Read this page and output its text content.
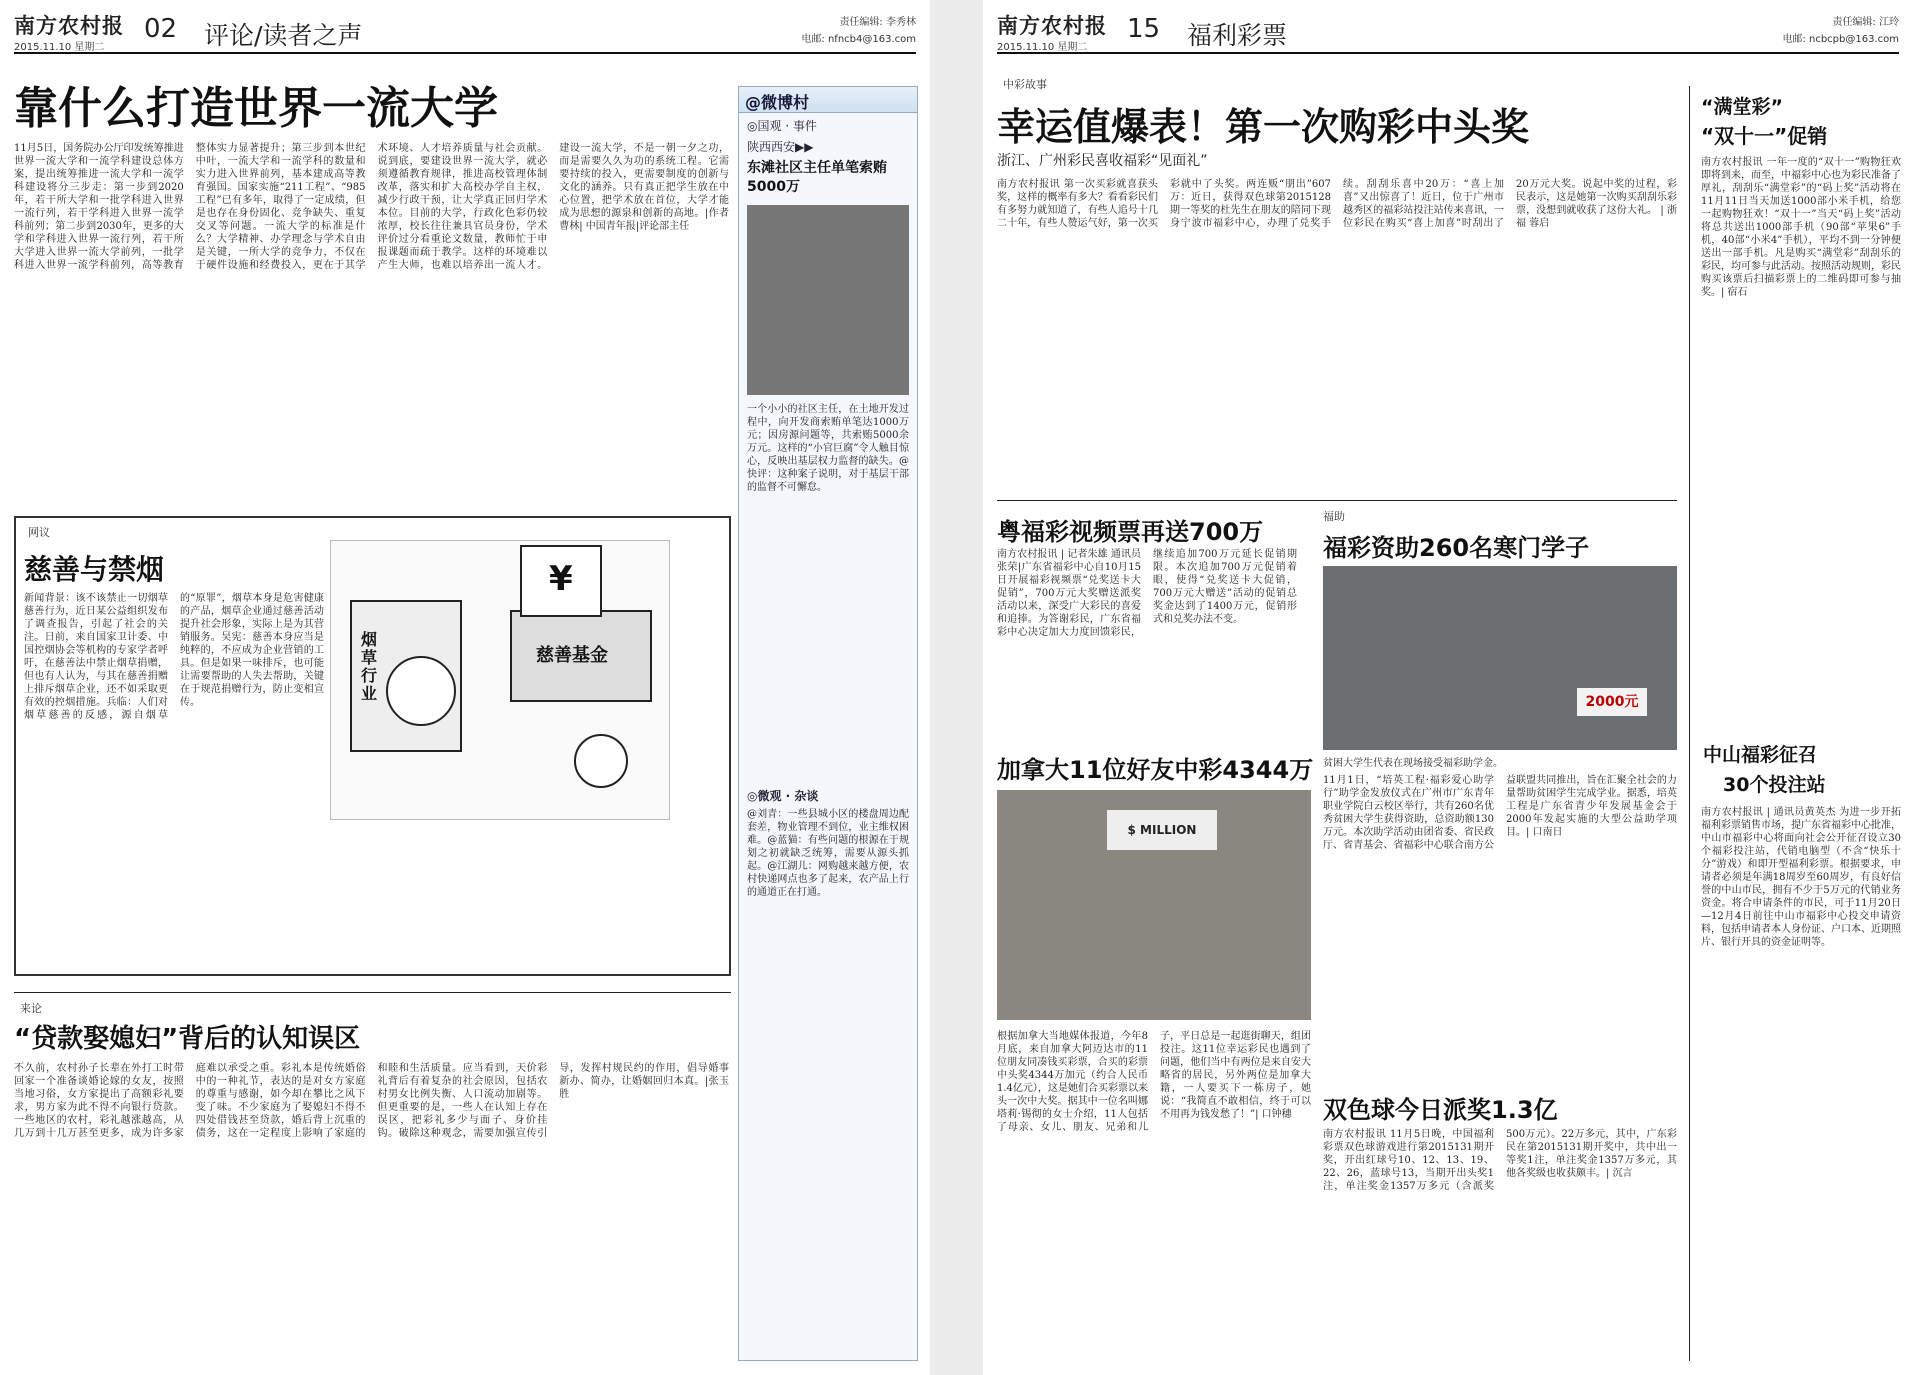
南方农村报
2015.11.10 星期二
02 评论/读者之声	责任编辑: 李秀林
电邮: nfncb4@163.com
靠什么打造世界一流大学
11月5日，国务院办公厅印发统筹推进世界一流大学和一流学科建设总体方案，提出统筹推进一流大学和一流学科建设将分三步走：第一步到2020年，若干所大学和一批学科进入世界一流行列，若干学科进入世界一流学科前列；第二步到2030年，更多的大学和学科进入世界一流行列，若干所大学进入世界一流大学前列，一批学科进入世界一流学科前列，高等教育整体实力显著提升；第三步到本世纪中叶，一流大学和一流学科的数量和实力进入世界前列，基本建成高等教育强国。国家实施“211工程”、“985工程”已有多年，取得了一定成绩，但是也存在身份固化、竞争缺失、重复交叉等问题。一流大学的标准是什么？大学精神、办学理念与学术自由是关键，一所大学的竞争力，不仅在于硬件设施和经费投入，更在于其学术环境、人才培养质量与社会贡献。说到底，要建设世界一流大学，就必须遵循教育规律，推进高校管理体制改革，落实和扩大高校办学自主权，减少行政干预，让大学真正回归学术本位。目前的大学，行政化色彩仍较浓厚，校长往往兼具官员身份，学术评价过分看重论文数量，教师忙于申报课题而疏于教学。这样的环境难以产生大师，也难以培养出一流人才。建设一流大学，不是一朝一夕之功，而是需要久久为功的系统工程。它需要持续的投入，更需要制度的创新与文化的涵养。只有真正把学生放在中心位置，把学术放在首位，大学才能成为思想的源泉和创新的高地。|作者曹林| 中国青年报|评论部主任
网议
慈善与禁烟
新闻背景：该不该禁止一切烟草慈善行为，近日某公益组织发布了调查报告，引起了社会的关注。日前，来自国家卫计委、中国控烟协会等机构的专家学者呼吁，在慈善法中禁止烟草捐赠，但也有人认为，与其在慈善捐赠上排斥烟草企业，还不如采取更有效的控烟措施。兵临：人们对烟草慈善的反感，源自烟草的“原罪”，烟草本身是危害健康的产品，烟草企业通过慈善活动提升社会形象，实际上是为其营销服务。吴宪：慈善本身应当是纯粹的，不应成为企业营销的工具。但是如果一味排斥，也可能让需要帮助的人失去帮助，关键在于规范捐赠行为，防止变相宣传。
烟草行业
慈善基金
¥
来论
“贷款娶媳妇”背后的认知误区
不久前，农村孙子长辈在外打工时带回家一个准备谈婚论嫁的女友，按照当地习俗，女方家提出了高额彩礼要求，男方家为此不得不向银行贷款。一些地区的农村，彩礼越涨越高，从几万到十几万甚至更多，成为许多家庭难以承受之重。彩礼本是传统婚俗中的一种礼节，表达的是对女方家庭的尊重与感谢，如今却在攀比之风下变了味。不少家庭为了娶媳妇不得不四处借钱甚至贷款，婚后背上沉重的债务，这在一定程度上影响了家庭的和睦和生活质量。应当看到，天价彩礼背后有着复杂的社会原因，包括农村男女比例失衡、人口流动加剧等。但更重要的是，一些人在认知上存在误区，把彩礼多少与面子、身价挂钩。破除这种观念，需要加强宣传引导，发挥村规民约的作用，倡导婚事新办、简办，让婚姻回归本真。|张玉胜
@微博村
◎国观 · 事件
陕西西安▶▶
东滩社区主任单笔索贿5000万
一个小小的社区主任，在土地开发过程中，向开发商索贿单笔达1000万元；因房源问题等，共索贿5000余万元。这样的“小官巨腐”令人触目惊心，反映出基层权力监督的缺失。@快评：这种案子说明，对于基层干部的监督不可懈怠。
◎微观 · 杂谈
@刘青：一些县城小区的楼盘周边配套差，物业管理不到位，业主维权困难。@蓝猫：有些问题的根源在于规划之初就缺乏统筹，需要从源头抓起。@江湖儿：网购越来越方便，农村快递网点也多了起来，农产品上行的通道正在打通。
南方农村报
2015.11.10 星期二
15 福利彩票	责任编辑: 江玲
电邮: ncbcpb@163.com
中彩故事
幸运值爆表！第一次购彩中头奖
浙江、广州彩民喜收福彩“见面礼”
南方农村报讯 第一次买彩就喜获头奖，这样的概率有多大？看看彩民们有多努力就知道了，有些人追号十几二十年，有些人赞运气好，第一次买彩就中了头奖。两连贩“朋出”607万：近日，获得双色球第2015128期一等奖的杜先生在朋友的陪同下现身宁波市福彩中心，办理了兑奖手续。刮刮乐喜中20万：“喜上加喜”又出惊喜了！近日，位于广州市越秀区的福彩站投注站传来喜讯，一位彩民在购买“喜上加喜”时刮出了20万元大奖。说起中奖的过程，彩民表示，这是她第一次购买刮刮乐彩票，没想到就收获了这份大礼。 | 浙福 蓉启
“满堂彩”
“双十一”促销
南方农村报讯 一年一度的“双十一”购物狂欢即将到来，而至，中福彩中心也为彩民准备了厚礼，刮刮乐“满堂彩”的“码上奖”活动将在11月11日当天加送1000部小米手机，给您一起购物狂欢！“双十一”当天“码上奖”活动将总共送出1000部手机（90部“苹果6”手机，40部“小米4”手机），平均不到一分钟便送出一部手机。凡是购买“满堂彩”刮刮乐的彩民，均可参与此活动。按照活动规则，彩民购买该票后扫描彩票上的二维码即可参与抽奖。| 宿石
中山福彩征召
30个投注站
南方农村报讯 | 通讯员黄英杰 为进一步开拓福利彩票销售市场，提广东省福彩中心批准，中山市福彩中心将面向社会公开征召设立30个福彩投注站，代销电脑型（不含“快乐十分”游戏）和即开型福利彩票。根据要求，申请者必须是年满18周岁至60周岁，有良好信誉的中山市民，拥有不少于5万元的代销业务资金。将合申请条件的市民，可于11月20日—12月4日前往中山市福彩中心投交申请资料，包括申请者本人身份证、户口本、近期照片、银行开具的资金证明等。
粤福彩视频票再送700万
南方农村报讯 | 记者朱雄 通讯员张荣|广东省福彩中心自10月15日开展福彩视频票“兑奖送卡大促销”，700万元大奖赠送派奖活动以来，深受广大彩民的喜爱和追捧。为答谢彩民，广东省福彩中心决定加大力度回馈彩民，继续追加700万元延长促销期限。本次追加700万元促销着眼，使得“兑奖送卡大促销，700万元大赠送”活动的促销总奖金达到了1400万元，促销形式和兑奖办法不变。
福助
福彩资助260名寒门学子
2000元
贫困大学生代表在现场接受福彩助学金。
11月1日，“培英工程·福彩爱心助学行”助学金发放仪式在广州市广东青年职业学院白云校区举行，共有260名优秀贫困大学生获得资助，总资助额130万元。本次助学活动由团省委、省民政厅、省青基会、省福彩中心联合南方公益联盟共同推出，旨在汇聚全社会的力量帮助贫困学生完成学业。据悉，培英工程是广东省青少年发展基金会于2000年发起实施的大型公益助学项目。| 口南日
加拿大11位好友中彩4344万
$ MILLION
根据加拿大当地媒体报道，今年8月底，来自加拿大阿迈达市的11位朋友同凑钱买彩票，合买的彩票中头奖4344万加元（约合人民币1.4亿元），这是她们合买彩票以来头一次中大奖。据其中一位名叫娜塔莉·锡彻的女士介绍，11人包括了母亲、女儿、朋友、兄弟和儿子，平日总是一起逛街聊天，组团投注。这11位幸运彩民也遇到了问题，他们当中有两位是来自安大略省的居民，另外两位是加拿大籍，一人要买下一栋房子，她说：“我简直不敢相信，终于可以不用再为钱发愁了！”| 口钟穗	双色球今日派奖1.3亿
南方农村报讯 11月5日晚，中国福利彩票双色球游戏进行第2015131期开奖，开出红球号10、12、13、19、22、26，蓝球号13，当期开出头奖1注，单注奖金1357万多元（含派奖500万元）。22万多元，其中，广东彩民在第2015131期开奖中，共中出一等奖1注，单注奖金1357万多元，其他各奖级也收获颇丰。| 沉言
